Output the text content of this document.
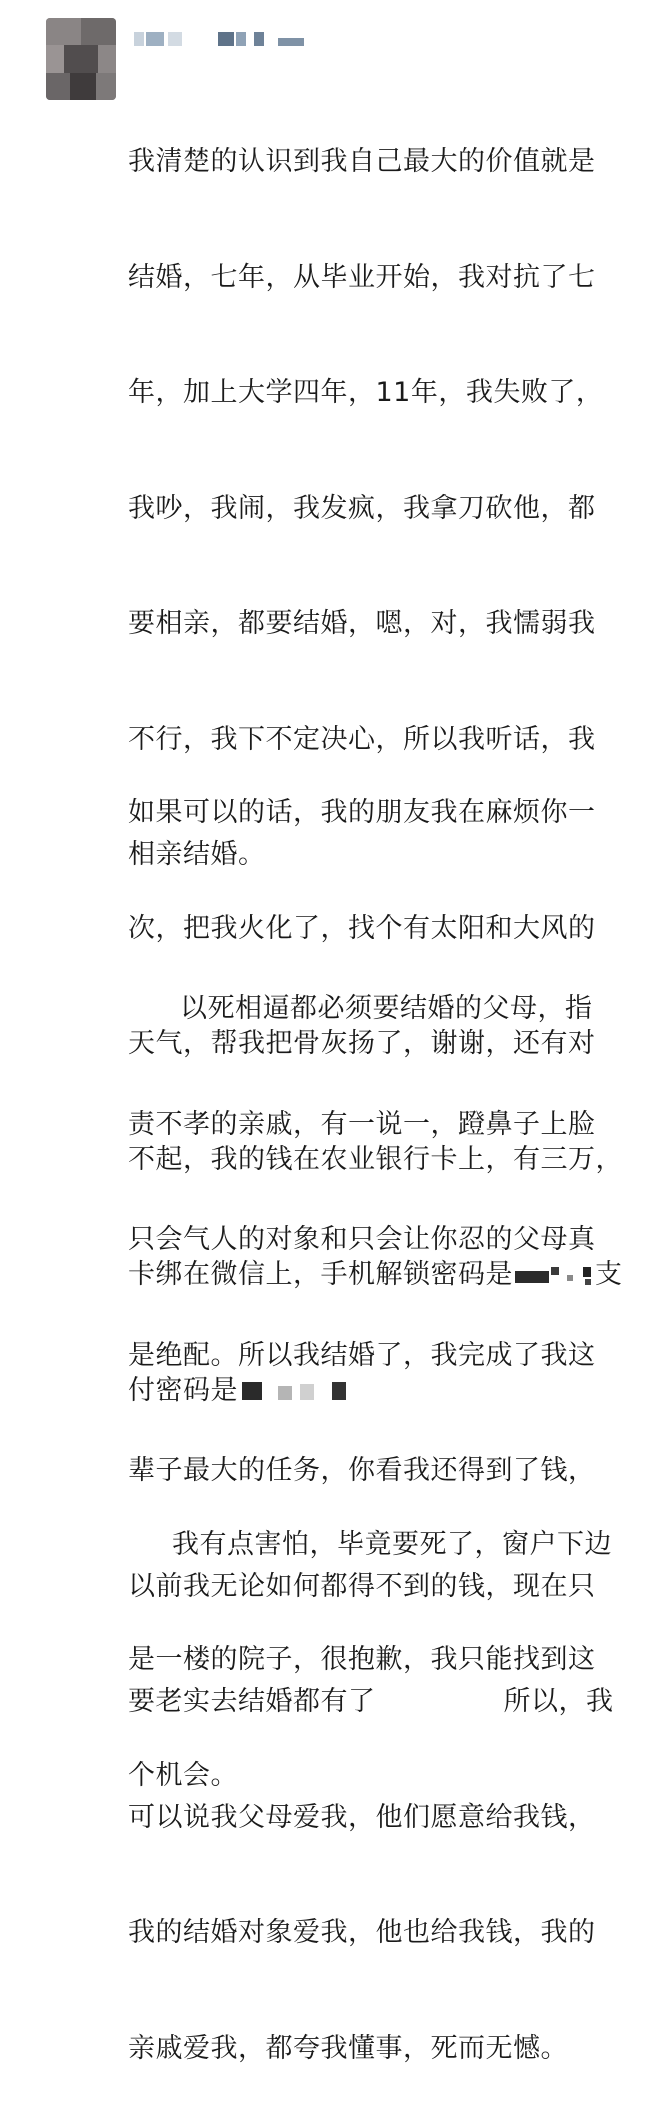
我清楚的认识到我自己最大的价值就是

结婚，七年，从毕业开始，我对抗了七

年，加上大学四年，11年，我失败了，

我吵，我闹，我发疯，我拿刀砍他，都

要相亲，都要结婚，嗯，对，我懦弱我

不行，我下不定决心，所以我听话，我

相亲结婚。

以死相逼都必须要结婚的父母，指

责不孝的亲戚，有一说一，蹬鼻子上脸

只会气人的对象和只会让你忍的父母真

是绝配。所以我结婚了，我完成了我这

辈子最大的任务，你看我还得到了钱，

以前我无论如何都得不到的钱，现在只

要老实去结婚都有了	所以，我

可以说我父母爱我，他们愿意给我钱，

我的结婚对象爱我，他也给我钱，我的

亲戚爱我，都夸我懂事，死而无憾。

如果可以的话，我的朋友我在麻烦你一

次，把我火化了，找个有太阳和大风的

天气，帮我把骨灰扬了，谢谢，还有对

不起，我的钱在农业银行卡上，有三万，

卡绑在微信上，手机解锁密码是

	支

付密码是

我有点害怕，毕竟要死了，窗户下边

是一楼的院子，很抱歉，我只能找到这

个机会。
